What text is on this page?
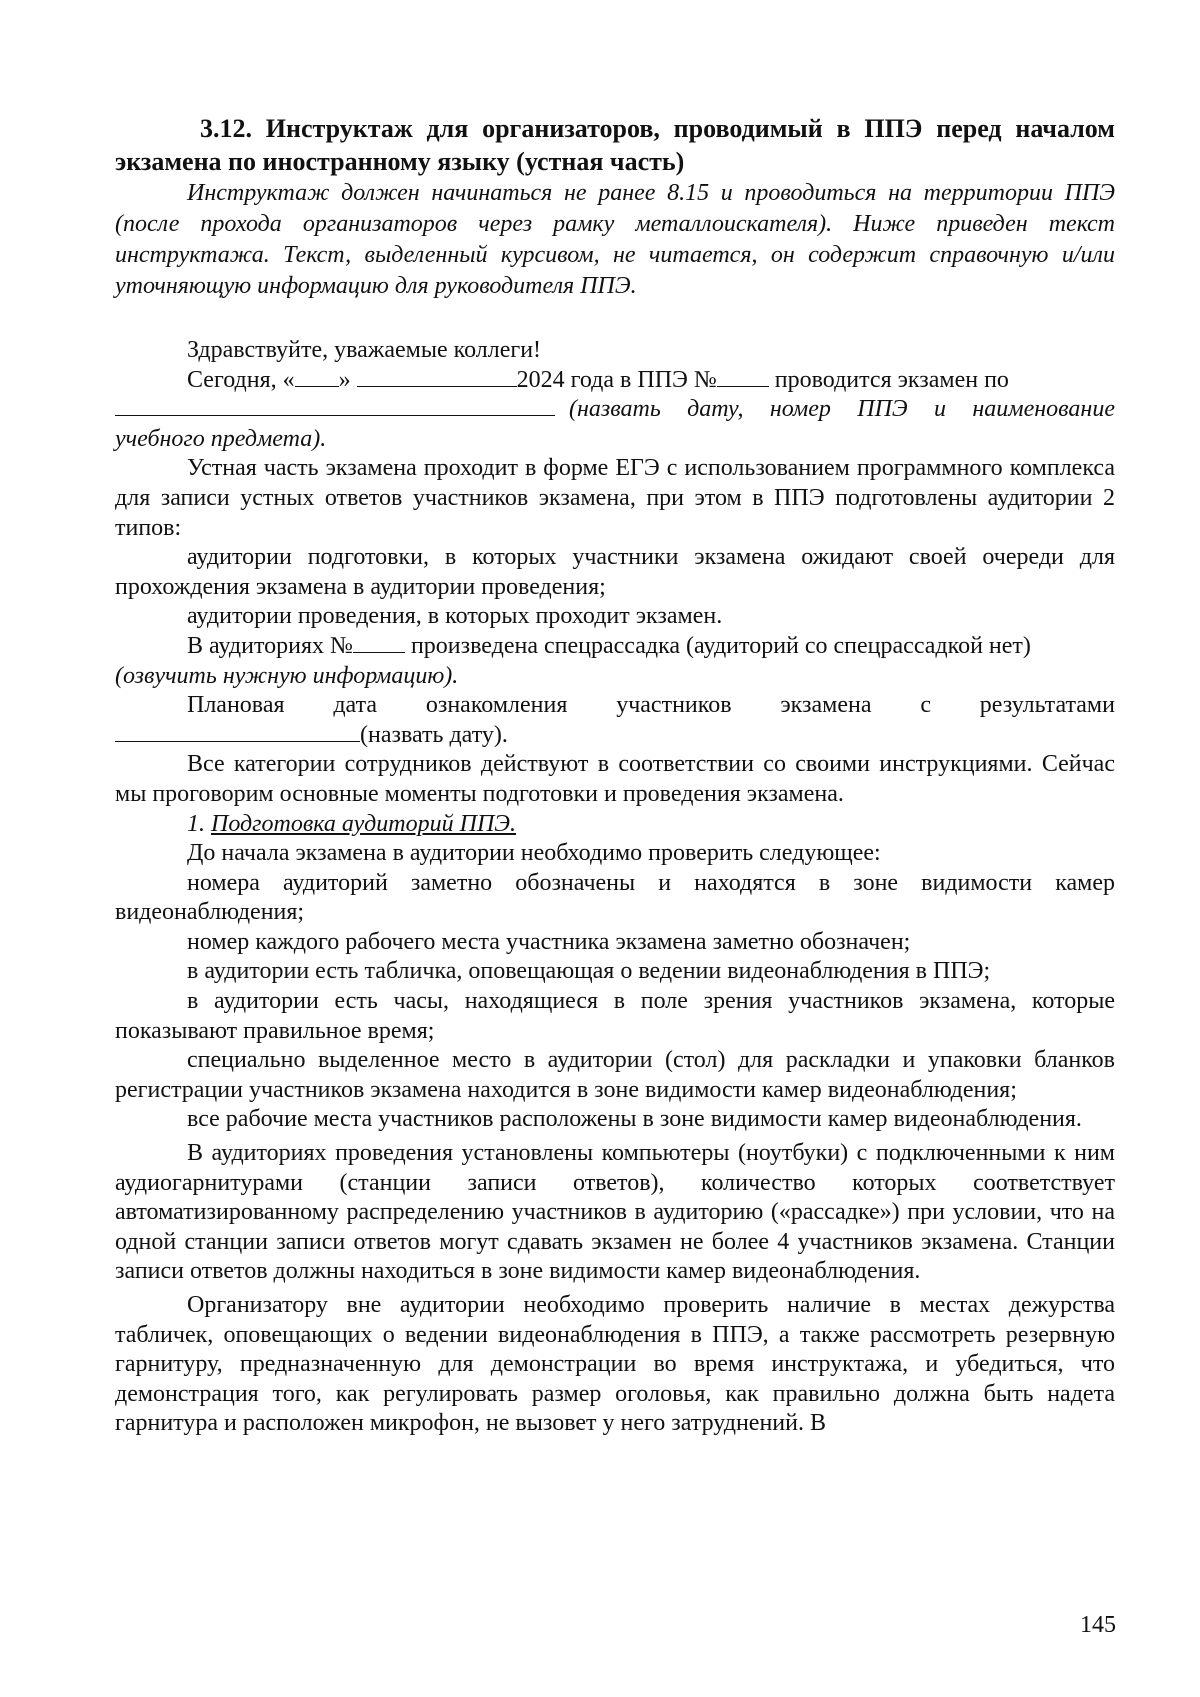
3.12. Инструктаж для организаторов, проводимый в ППЭ перед началом экзамена по иностранному языку (устная часть)

Инструктаж должен начинаться не ранее 8.15 и проводиться на территории ППЭ (после прохода организаторов через рамку металлоискателя). Ниже приведен текст инструктажа. Текст, выделенный курсивом, не читается, он содержит справочную и/или уточняющую информацию для руководителя ППЭ.

Здравствуйте, уважаемые коллеги!

Сегодня, « »	2024 года в ППЭ № проводится экзамен по

(назвать дату, номер ППЭ и наименование

учебного предмета).

Устная часть экзамена проходит в форме ЕГЭ с использованием программного комплекса для записи устных ответов участников экзамена, при этом в ППЭ подготовлены аудитории 2 типов:

аудитории подготовки, в которых участники экзамена ожидают своей очереди для прохождения экзамена в аудитории проведения;

аудитории проведения, в которых проходит экзамен.

В аудиториях № произведена спецрассадка (аудиторий со спецрассадкой нет)

(озвучить нужную информацию).

Плановая дата ознакомления участников экзамена с результатами

(назвать дату).

Все категории сотрудников действуют в соответствии со своими инструкциями. Сейчас мы проговорим основные моменты подготовки и проведения экзамена.

1. Подготовка аудиторий ППЭ.

До начала экзамена в аудитории необходимо проверить следующее:

номера аудиторий заметно обозначены и находятся в зоне видимости камер видеонаблюдения;

номер каждого рабочего места участника экзамена заметно обозначен;

в аудитории есть табличка, оповещающая о ведении видеонаблюдения в ППЭ;

в аудитории есть часы, находящиеся в поле зрения участников экзамена, которые показывают правильное время;

специально выделенное место в аудитории (стол) для раскладки и упаковки бланков регистрации участников экзамена находится в зоне видимости камер видеонаблюдения;

все рабочие места участников расположены в зоне видимости камер видеонаблюдения.

В аудиториях проведения установлены компьютеры (ноутбуки) с подключенными к ним аудиогарнитурами (станции записи ответов), количество которых соответствует автоматизированному распределению участников в аудиторию («рассадке») при условии, что на одной станции записи ответов могут сдавать экзамен не более 4 участников экзамена. Станции записи ответов должны находиться в зоне видимости камер видеонаблюдения.

Организатору вне аудитории необходимо проверить наличие в местах дежурства табличек, оповещающих о ведении видеонаблюдения в ППЭ, а также рассмотреть резервную гарнитуру, предназначенную для демонстрации во время инструктажа, и убедиться, что демонстрация того, как регулировать размер оголовья, как правильно должна быть надета гарнитура и расположен микрофон, не вызовет у него затруднений. В

145
